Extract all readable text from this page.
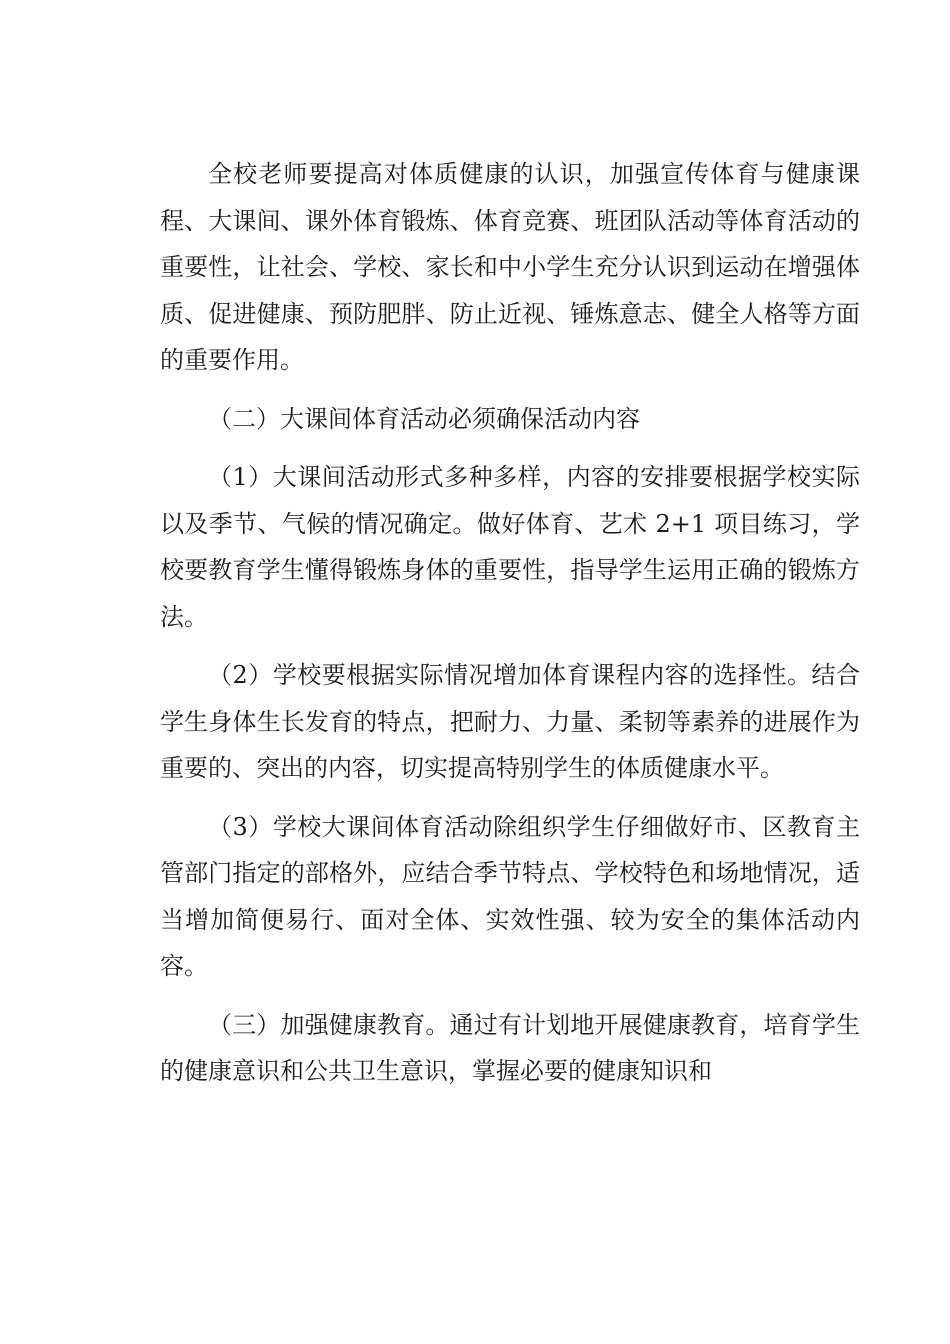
全校老师要提高对体质健康的认识，加强宣传体育与健康课程、大课间、课外体育锻炼、体育竞赛、班团队活动等体育活动的重要性，让社会、学校、家长和中小学生充分认识到运动在增强体质、促进健康、预防肥胖、防止近视、锤炼意志、健全人格等方面的重要作用。

（二）大课间体育活动必须确保活动内容

（1）大课间活动形式多种多样，内容的安排要根据学校实际以及季节、气候的情况确定。做好体育、艺术 2+1 项目练习，学校要教育学生懂得锻炼身体的重要性，指导学生运用正确的锻炼方法。

（2）学校要根据实际情况增加体育课程内容的选择性。结合学生身体生长发育的特点，把耐力、力量、柔韧等素养的进展作为重要的、突出的内容，切实提高特别学生的体质健康水平。

（3）学校大课间体育活动除组织学生仔细做好市、区教育主管部门指定的部格外，应结合季节特点、学校特色和场地情况，适当增加简便易行、面对全体、实效性强、较为安全的集体活动内容。

（三）加强健康教育。通过有计划地开展健康教育，培育学生的健康意识和公共卫生意识，掌握必要的健康知识和
